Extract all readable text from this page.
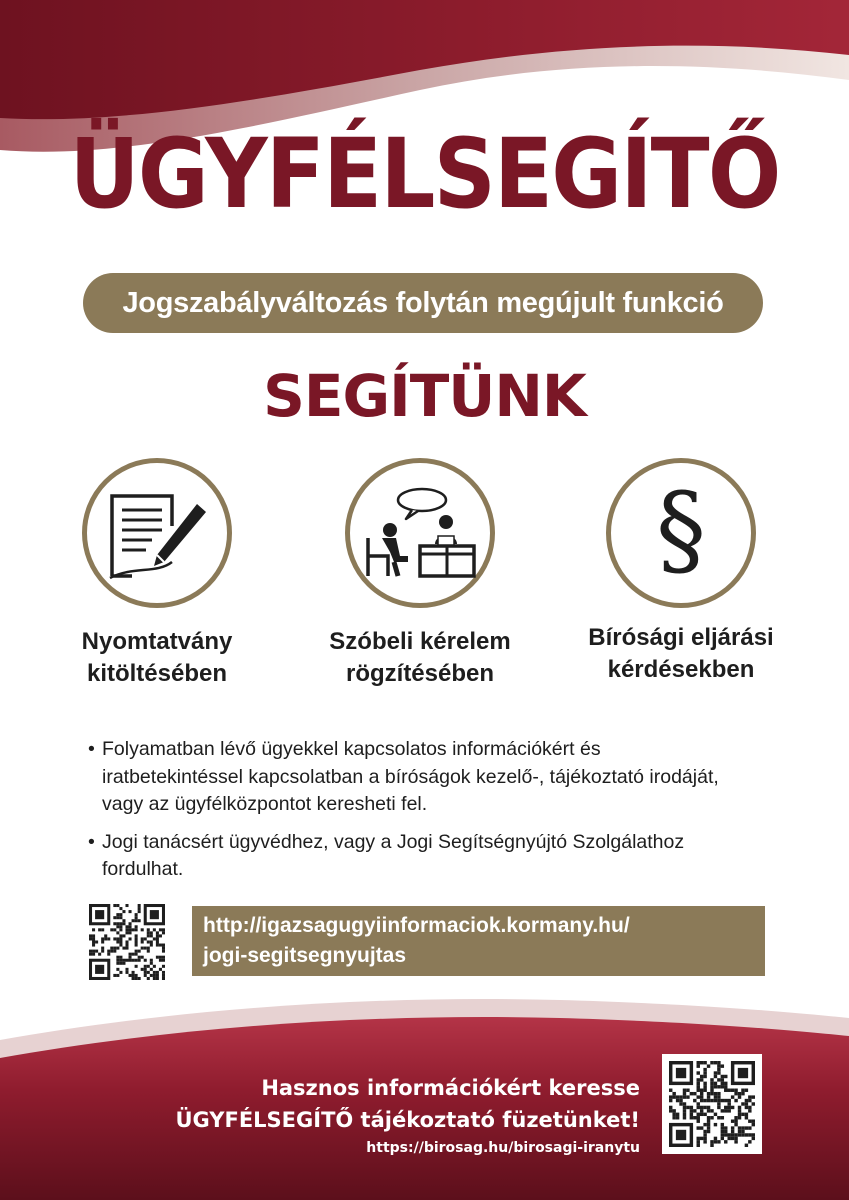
ÜGYFÉLSEGÍTŐ
Jogszabályváltozás folytán megújult funkció
SEGÍTÜNK
Nyomtatvány
kitöltésében
Szóbeli kérelem
rögzítésében
§
Bírósági eljárási
kérdésekben
• Folyamatban lévő ügyekkel kapcsolatos információkért és iratbetekintéssel kapcsolatban a bíróságok kezelő-, tájékoztató irodáját, vagy az ügyfélközpontot keresheti fel.
• Jogi tanácsért ügyvédhez, vagy a Jogi Segítségnyújtó Szolgálathoz fordulhat.
http://igazsagugyiinformaciok.kormany.hu/
jogi-segitsegnyujtas
Hasznos információkért keresse
ÜGYFÉLSEGÍTŐ tájékoztató füzetünket!
https://birosag.hu/birosagi-iranytu
